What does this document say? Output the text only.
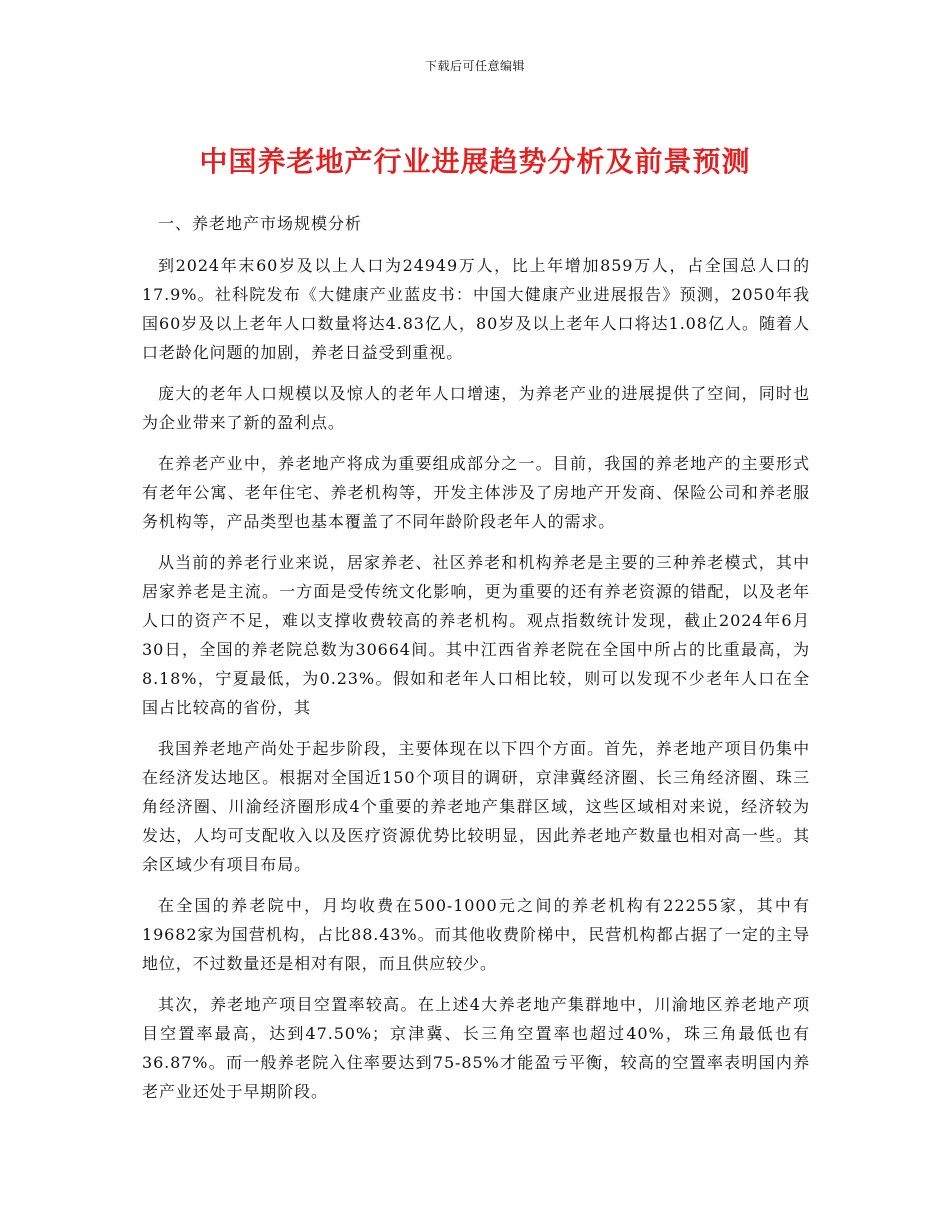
下载后可任意编辑
中国养老地产行业进展趋势分析及前景预测
一、养老地产市场规模分析

到2024年末60岁及以上人口为24949万人，比上年增加859万人，占全国总人口的17.9%。社科院发布《大健康产业蓝皮书：中国大健康产业进展报告》预测，2050年我国60岁及以上老年人口数量将达4.83亿人，80岁及以上老年人口将达1.08亿人。随着人口老龄化问题的加剧，养老日益受到重视。

庞大的老年人口规模以及惊人的老年人口增速，为养老产业的进展提供了空间，同时也为企业带来了新的盈利点。

在养老产业中，养老地产将成为重要组成部分之一。目前，我国的养老地产的主要形式有老年公寓、老年住宅、养老机构等，开发主体涉及了房地产开发商、保险公司和养老服务机构等，产品类型也基本覆盖了不同年龄阶段老年人的需求。

从当前的养老行业来说，居家养老、社区养老和机构养老是主要的三种养老模式，其中居家养老是主流。一方面是受传统文化影响，更为重要的还有养老资源的错配，以及老年人口的资产不足，难以支撑收费较高的养老机构。观点指数统计发现，截止2024年6月30日，全国的养老院总数为30664间。其中江西省养老院在全国中所占的比重最高，为8.18%，宁夏最低，为0.23%。假如和老年人口相比较，则可以发现不少老年人口在全国占比较高的省份，其

我国养老地产尚处于起步阶段，主要体现在以下四个方面。首先，养老地产项目仍集中在经济发达地区。根据对全国近150个项目的调研，京津冀经济圈、长三角经济圈、珠三角经济圈、川渝经济圈形成4个重要的养老地产集群区域，这些区域相对来说，经济较为发达，人均可支配收入以及医疗资源优势比较明显，因此养老地产数量也相对高一些。其余区域少有项目布局。

在全国的养老院中，月均收费在500-1000元之间的养老机构有22255家，其中有19682家为国营机构，占比88.43%。而其他收费阶梯中，民营机构都占据了一定的主导地位，不过数量还是相对有限，而且供应较少。

其次，养老地产项目空置率较高。在上述4大养老地产集群地中，川渝地区养老地产项目空置率最高，达到47.50%；京津冀、长三角空置率也超过40%，珠三角最低也有36.87%。而一般养老院入住率要达到75-85%才能盈亏平衡，较高的空置率表明国内养老产业还处于早期阶段。
